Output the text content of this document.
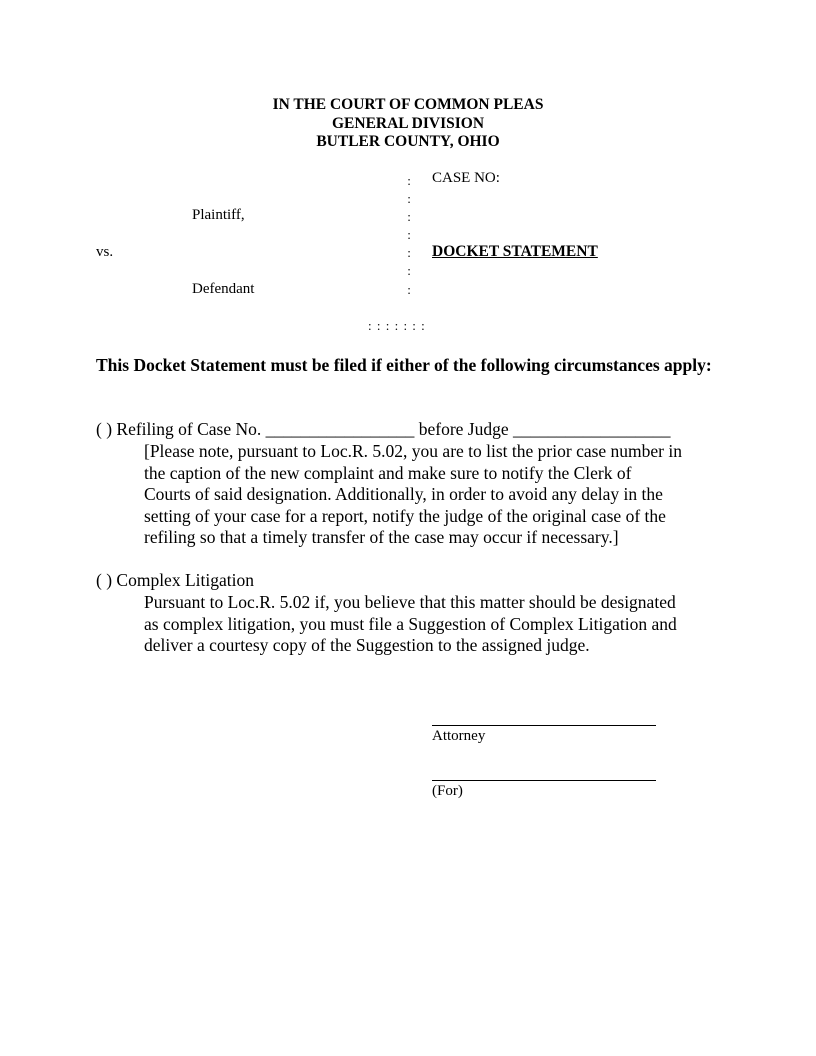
IN THE COURT OF COMMON PLEAS
GENERAL DIVISION
BUTLER COUNTY, OHIO
:
:
:
:
:
:
:
CASE NO:
Plaintiff,
vs.	DOCKET STATEMENT
Defendant
: : : : : : :
This Docket Statement must be filed if either of the following circumstances apply:
( ) Refiling of Case No. _________________ before Judge __________________
[Please note, pursuant to Loc.R. 5.02, you are to list the prior case number in
the caption of the new complaint and make sure to notify the Clerk of
Courts of said designation. Additionally, in order to avoid any delay in the
setting of your case for a report, notify the judge of the original case of the
refiling so that a timely transfer of the case may occur if necessary.]
( ) Complex Litigation
Pursuant to Loc.R. 5.02 if, you believe that this matter should be designated
as complex litigation, you must file a Suggestion of Complex Litigation and
deliver a courtesy copy of the Suggestion to the assigned judge.
Attorney
(For)
